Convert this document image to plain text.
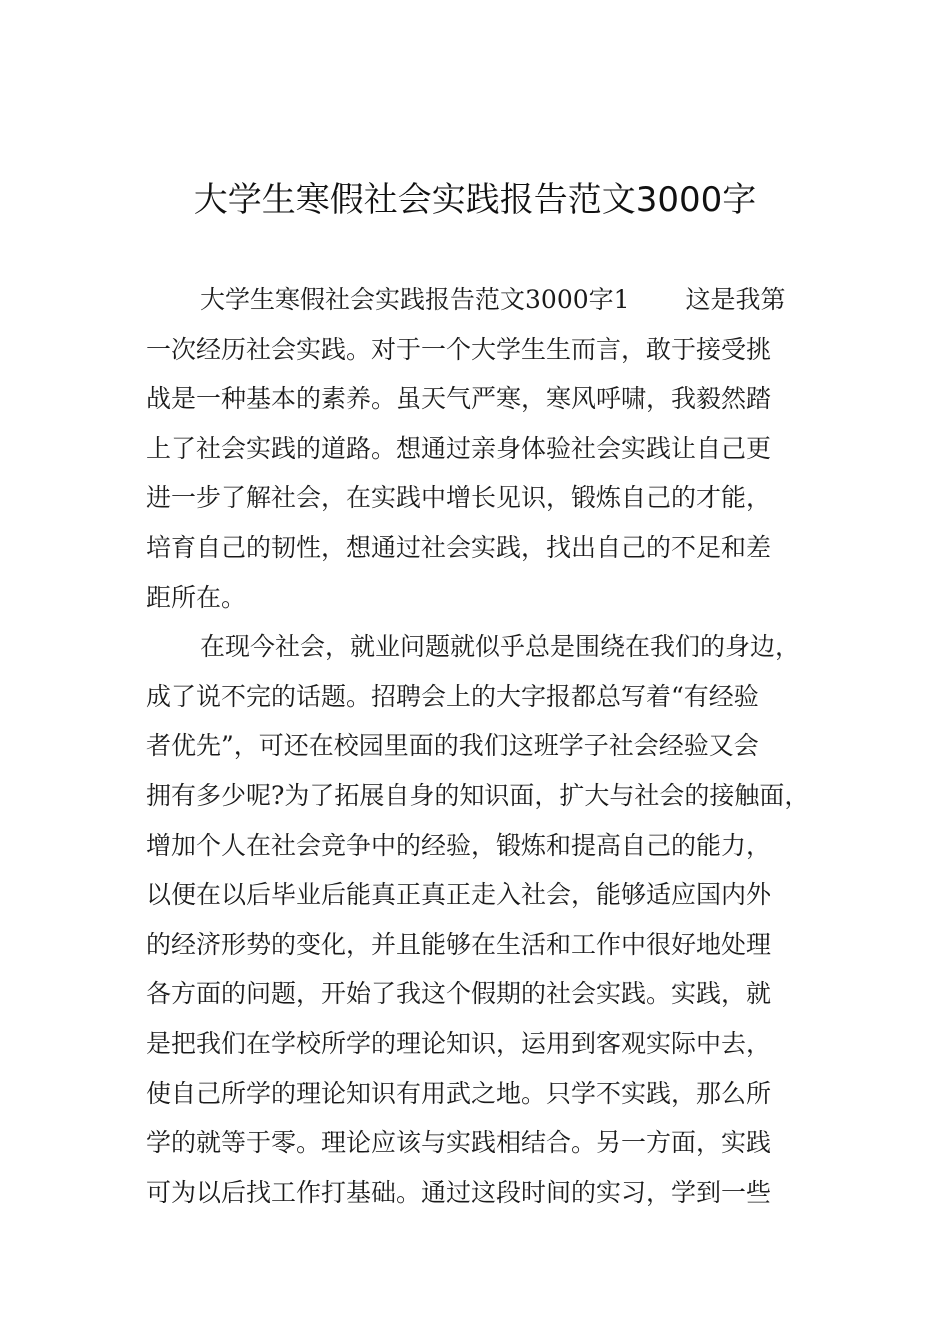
大学生寒假社会实践报告范文3000字
大学生寒假社会实践报告范文3000字1 这是我第
一次经历社会实践。对于一个大学生生而言，敢于接受挑
战是一种基本的素养。虽天气严寒，寒风呼啸，我毅然踏
上了社会实践的道路。想通过亲身体验社会实践让自己更
进一步了解社会，在实践中增长见识，锻炼自己的才能，
培育自己的韧性，想通过社会实践，找出自己的不足和差
距所在。
在现今社会，就业问题就似乎总是围绕在我们的身边，
成了说不完的话题。招聘会上的大字报都总写着“有经验
者优先”，可还在校园里面的我们这班学子社会经验又会
拥有多少呢?为了拓展自身的知识面，扩大与社会的接触面，
增加个人在社会竞争中的经验，锻炼和提高自己的能力，
以便在以后毕业后能真正真正走入社会，能够适应国内外
的经济形势的变化，并且能够在生活和工作中很好地处理
各方面的问题，开始了我这个假期的社会实践。实践，就
是把我们在学校所学的理论知识，运用到客观实际中去，
使自己所学的理论知识有用武之地。只学不实践，那么所
学的就等于零。理论应该与实践相结合。另一方面，实践
可为以后找工作打基础。通过这段时间的实习，学到一些
